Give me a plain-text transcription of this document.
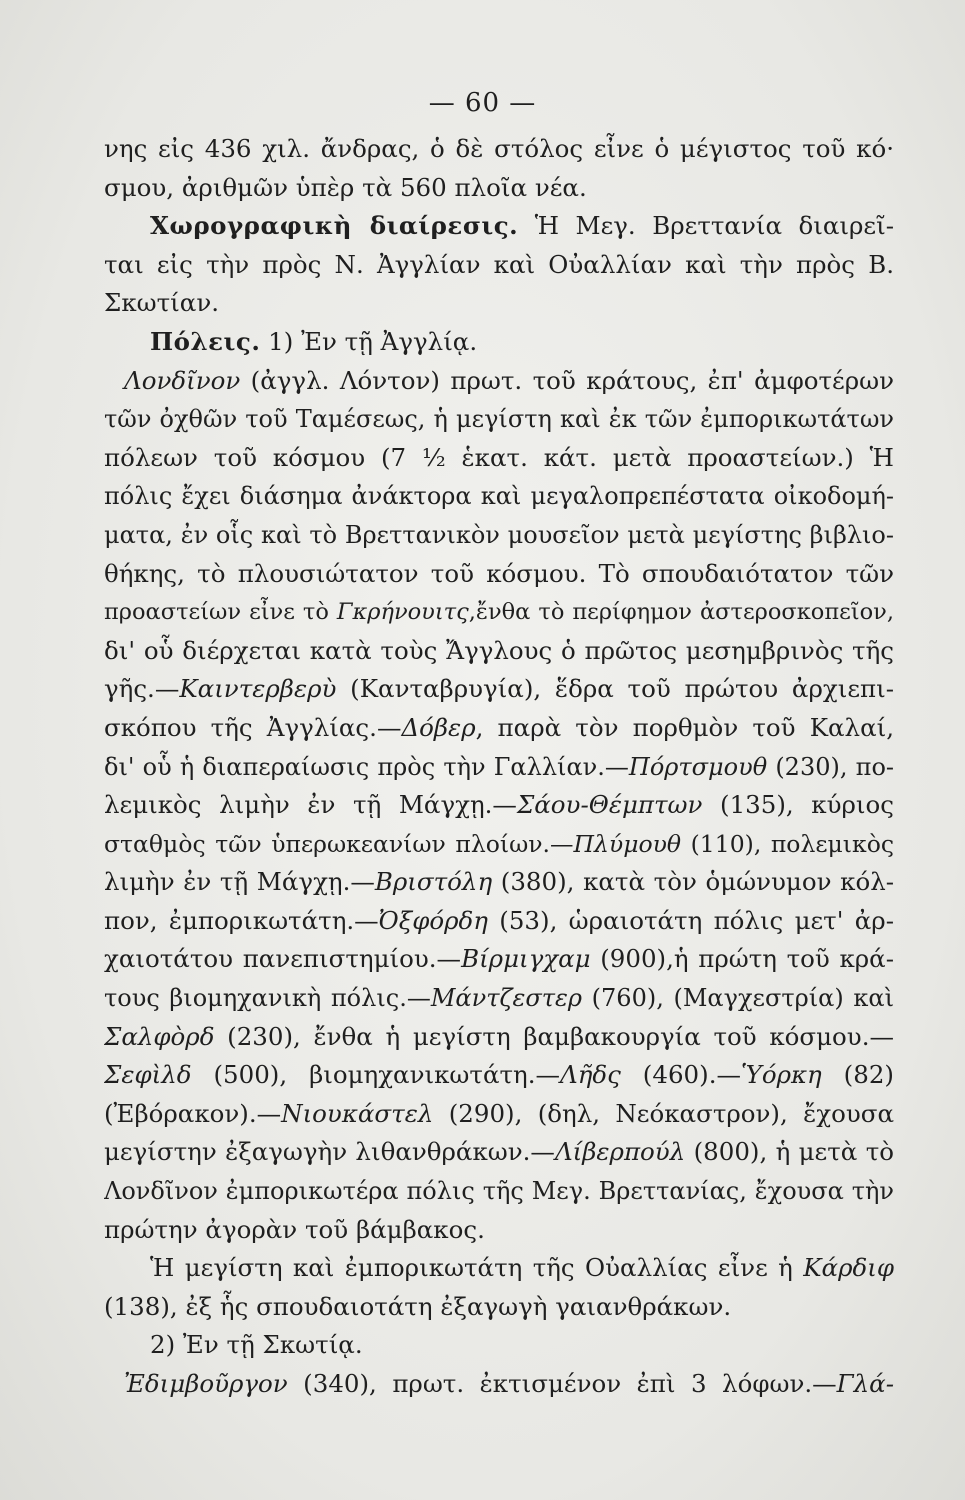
— 60 —
νης εἰς 436 χιλ. ἄνδρας, ὁ δὲ στόλος εἶνε ὁ μέγιστος τοῦ κό·
σμου, ἀριθμῶν ὑπὲρ τὰ 560 πλοῖα νέα.
Χωρογραφικὴ διαίρεσις. Ἡ Μεγ. Βρεττανία διαιρεῖ-
ται εἰς τὴν πρὸς Ν. Ἀγγλίαν καὶ Οὐαλλίαν καὶ τὴν πρὸς Β.
Σκωτίαν.
Πόλεις. 1) Ἐν τῇ Ἀγγλίᾳ.
Λονδῖνον (ἀγγλ. Λόντον) πρωτ. τοῦ κράτους, ἐπ' ἀμφοτέρων
τῶν ὀχθῶν τοῦ Ταμέσεως, ἡ μεγίστη καὶ ἐκ τῶν ἐμπορικωτάτων
πόλεων τοῦ κόσμου (7 ½ ἑκατ. κάτ. μετὰ προαστείων.) Ἡ
πόλις ἔχει διάσημα ἀνάκτορα καὶ μεγαλοπρεπέστατα οἰκοδομή-
ματα, ἐν οἷς καὶ τὸ Βρεττανικὸν μουσεῖον μετὰ μεγίστης βιβλιο-
θήκης, τὸ πλουσιώτατον τοῦ κόσμου. Τὸ σπουδαιότατον τῶν
προαστείων εἶνε τὸ Γκρήνουιτς,ἔνθα τὸ περίφημον ἀστεροσκοπεῖον,
δι' οὗ διέρχεται κατὰ τοὺς Ἄγγλους ὁ πρῶτος μεσημβρινὸς τῆς
γῆς.—Καιντερβερὺ (Κανταβρυγία), ἕδρα τοῦ πρώτου ἀρχιεπι-
σκόπου τῆς Ἀγγλίας.—Δόβερ, παρὰ τὸν πορθμὸν τοῦ Καλαί,
δι' οὗ ἡ διαπεραίωσις πρὸς τὴν Γαλλίαν.—Πόρτσμουθ (230), πο-
λεμικὸς λιμὴν ἐν τῇ Μάγχῃ.—Σάου-Θέμπτων (135), κύριος
σταθμὸς τῶν ὑπερωκεανίων πλοίων.—Πλύμουθ (110), πολεμικὸς
λιμὴν ἐν τῇ Μάγχῃ.—Βριστόλη (380), κατὰ τὸν ὁμώνυμον κόλ-
πον, ἐμπορικωτάτη.—Ὀξφόρδη (53), ὡραιοτάτη πόλις μετ' ἀρ-
χαιοτάτου πανεπιστημίου.—Βίρμιγχαμ (900),ἡ πρώτη τοῦ κρά-
τους βιομηχανικὴ πόλις.—Μάντζεστερ (760), (Μαγχεστρία) καὶ
Σαλφὸρδ (230), ἔνθα ἡ μεγίστη βαμβακουργία τοῦ κόσμου.—
Σεφὶλδ (500), βιομηχανικωτάτη.—Λῆδς (460).—Ὑόρκη (82)
(Ἐβόρακον).—Νιουκάστελ (290), (δηλ, Νεόκαστρον), ἔχουσα
μεγίστην ἐξαγωγὴν λιθανθράκων.—Λίβερπούλ (800), ἡ μετὰ τὸ
Λονδῖνον ἐμπορικωτέρα πόλις τῆς Μεγ. Βρεττανίας, ἔχουσα τὴν
πρώτην ἀγορὰν τοῦ βάμβακος.
Ἡ μεγίστη καὶ ἐμπορικωτάτη τῆς Οὐαλλίας εἶνε ἡ Κάρδιφ
(138), ἐξ ἧς σπουδαιοτάτη ἐξαγωγὴ γαιανθράκων.
2) Ἐν τῇ Σκωτίᾳ.
Ἐδιμβοῦργον (340), πρωτ. ἐκτισμένον ἐπὶ 3 λόφων.—Γλά-
